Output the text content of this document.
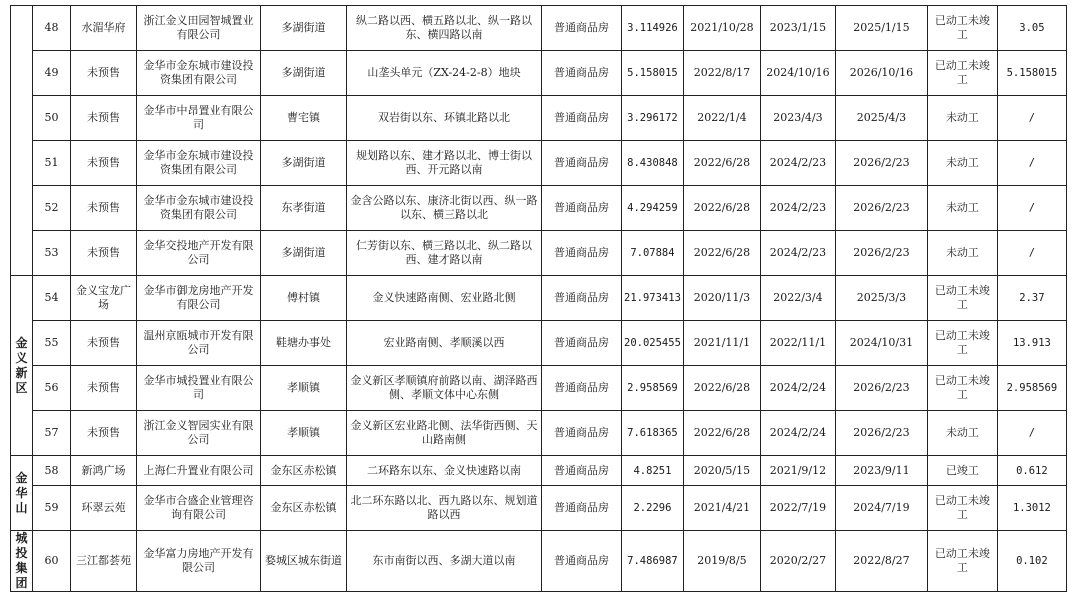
	48	水湄华府	浙江金义田园智城置业有限公司	多湖街道	纵二路以西、横五路以北、纵一路以东、横四路以南	普通商品房	3.114926	2021/10/28	2023/1/15	2025/1/15	已动工未竣工	3.05
	49	未预售	金华市金东城市建设投资集团有限公司	多湖街道	山垄头单元（ZX-24-2-8）地块	普通商品房	5.158015	2022/8/17	2024/10/16	2026/10/16	已动工未竣工	5.158015
	50	未预售	金华市中昂置业有限公司	曹宅镇	双岩街以东、环镇北路以北	普通商品房	3.296172	2022/1/4	2023/4/3	2025/4/3	未动工	/
	51	未预售	金华市金东城市建设投资集团有限公司	多湖街道	规划路以东、建才路以北、博士街以西、开元路以南	普通商品房	8.430848	2022/6/28	2024/2/23	2026/2/23	未动工	/
	52	未预售	金华市金东城市建设投资集团有限公司	东孝街道	金含公路以东、康济北街以西、纵一路以东、横三路以北	普通商品房	4.294259	2022/6/28	2024/2/23	2026/2/23	未动工	/
	53	未预售	金华交投地产开发有限公司	多湖街道	仁芳街以东、横三路以北、纵二路以西、建才路以南	普通商品房	7.07884	2022/6/28	2024/2/23	2026/2/23	未动工	/

金
义
新
区	54	金义宝龙广场	金华市御龙房地产开发有限公司	傅村镇	金义快速路南侧、宏业路北侧	普通商品房	21.973413	2020/11/3	2022/3/4	2025/3/3	已动工未竣工	2.37
	55	未预售	温州京瓯城市开发有限公司	鞋塘办事处	宏业路南侧、孝顺溪以西	普通商品房	20.025455	2021/11/1	2022/11/1	2024/10/31	已动工未竣工	13.913
	56	未预售	金华市城投置业有限公司	孝顺镇	金义新区孝顺镇府前路以南、湖泽路西侧、孝顺文体中心东侧	普通商品房	2.958569	2022/6/28	2024/2/24	2026/2/23	已动工未竣工	2.958569
	57	未预售	浙江金义智园实业有限公司	孝顺镇	金义新区宏业路北侧、法华街西侧、天山路南侧	普通商品房	7.618365	2022/6/28	2024/2/24	2026/2/23	未动工	/

金
华
山	58	新鸿广场	上海仁升置业有限公司	金东区赤松镇	二环路东以东、金义快速路以南	普通商品房	4.8251	2020/5/15	2021/9/12	2023/9/11	已竣工	0.612
	59	环翠云苑	金华市合盛企业管理咨询有限公司	金东区赤松镇	北二环东路以北、西九路以东、规划道路以西	普通商品房	2.2296	2021/4/21	2022/7/19	2024/7/19	已动工未竣工	1.3012

城
投
集
团	60	三江都荟苑	金华富力房地产开发有限公司	婺城区城东街道	东市南街以西、多湖大道以南	普通商品房	7.486987	2019/8/5	2020/2/27	2022/8/27	已动工未竣工	0.102
